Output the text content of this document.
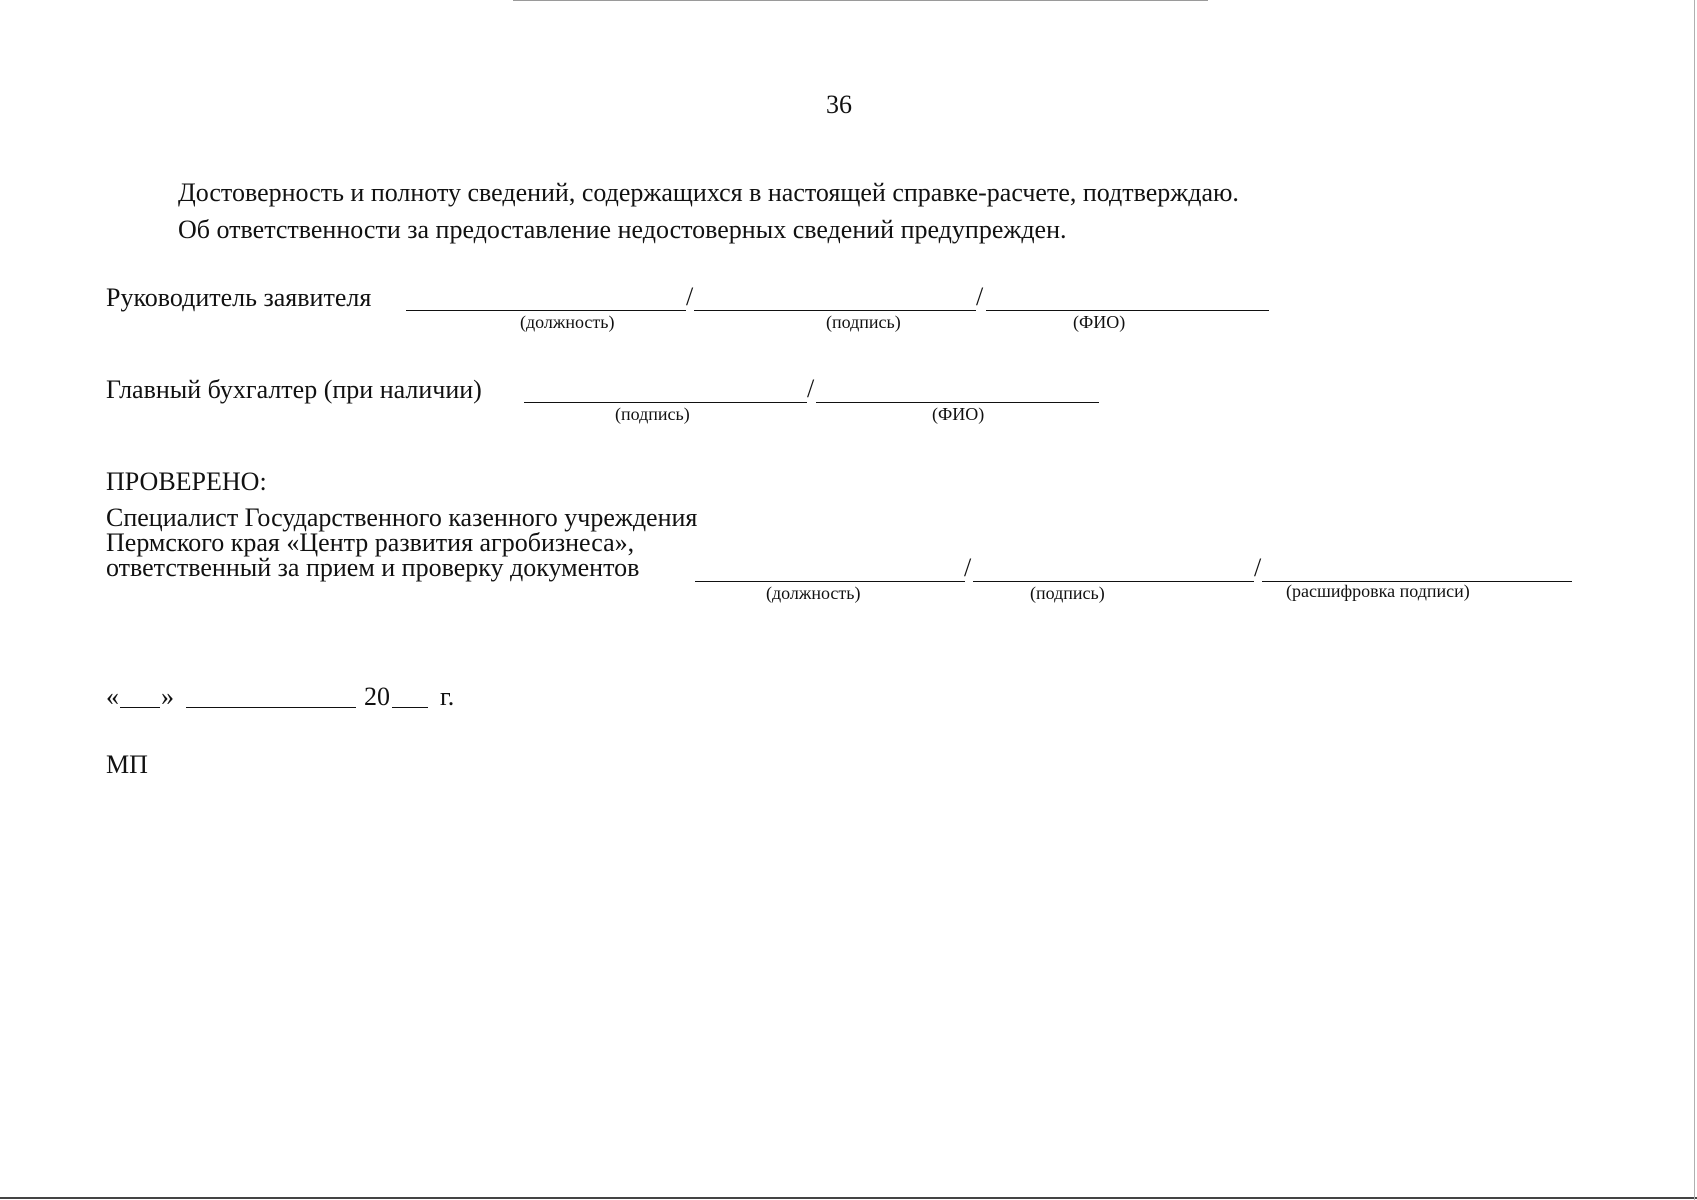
36
Достоверность и полноту сведений, содержащихся в настоящей справке-расчете, подтверждаю.
Об ответственности за предоставление недостоверных сведений предупрежден.
Руководитель заявителя	/	/
(должность)	(подпись)	(ФИО)
Главный бухгалтер (при наличии)	/
(подпись)	(ФИО)
ПРОВЕРЕНО:
Специалист Государственного казенного учреждения
Пермского края «Центр развития агробизнеса»,
ответственный за прием и проверку документов	/	/
(должность)	(подпись)	(расшифровка подписи)
« »	20 г.
МП
